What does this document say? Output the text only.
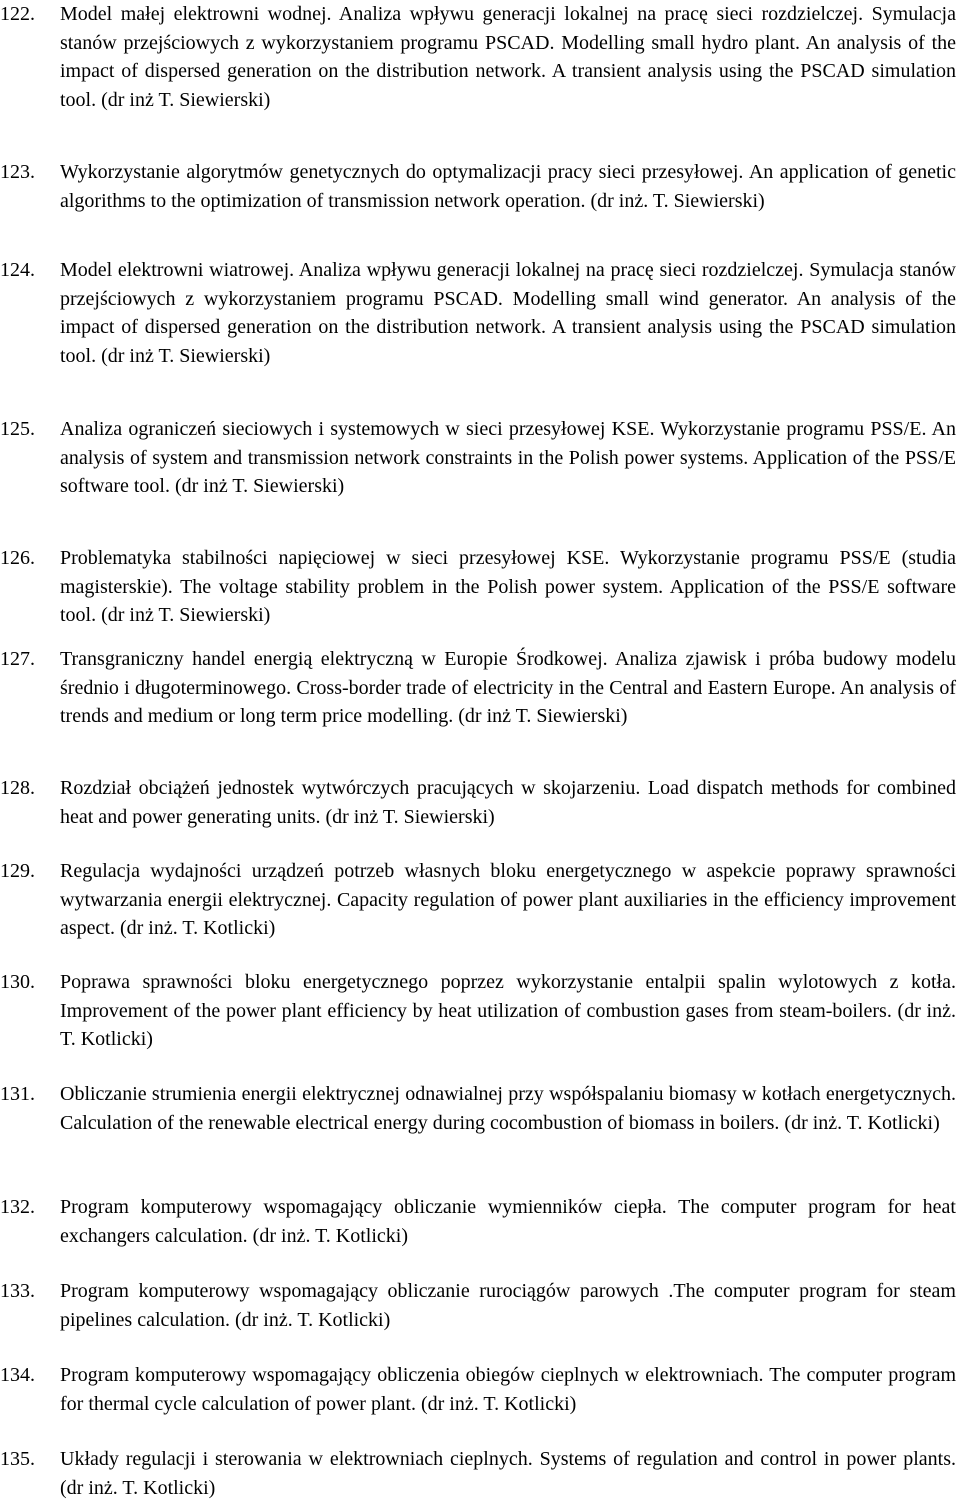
122.	Model małej elektrowni wodnej. Analiza wpływu generacji lokalnej na pracę sieci rozdzielczej. Symulacja stanów przejściowych z wykorzystaniem programu PSCAD. Modelling small hydro plant. An analysis of the impact of dispersed generation on the distribution network. A transient analysis using the PSCAD simulation tool. (dr inż T. Siewierski)
123.	Wykorzystanie algorytmów genetycznych do optymalizacji pracy sieci przesyłowej. An application of genetic algorithms to the optimization of transmission network operation. (dr inż. T. Siewierski)
124.	Model elektrowni wiatrowej. Analiza wpływu generacji lokalnej na pracę sieci rozdzielczej. Symulacja stanów przejściowych z wykorzystaniem programu PSCAD. Modelling small wind generator. An analysis of the impact of dispersed generation on the distribution network. A transient analysis using the PSCAD simulation tool. (dr inż T. Siewierski)
125.	Analiza ograniczeń sieciowych i systemowych w sieci przesyłowej KSE. Wykorzystanie programu PSS/E. An analysis of system and transmission network constraints in the Polish power systems. Application of the PSS/E software tool. (dr inż T. Siewierski)
126.	Problematyka stabilności napięciowej w sieci przesyłowej KSE. Wykorzystanie programu PSS/E (studia magisterskie). The voltage stability problem in the Polish power system. Application of the PSS/E software tool. (dr inż T. Siewierski)
127.	Transgraniczny handel energią elektryczną w Europie Środkowej. Analiza zjawisk i próba budowy modelu średnio i długoterminowego. Cross-border trade of electricity in the Central and Eastern Europe. An analysis of trends and medium or long term price modelling. (dr inż T. Siewierski)
128.	Rozdział obciążeń jednostek wytwórczych pracujących w skojarzeniu. Load dispatch methods for combined heat and power generating units. (dr inż T. Siewierski)
129.	Regulacja wydajności urządzeń potrzeb własnych bloku energetycznego w aspekcie poprawy sprawności wytwarzania energii elektrycznej. Capacity regulation of power plant auxiliaries in the efficiency improvement aspect. (dr inż. T. Kotlicki)
130.	Poprawa sprawności bloku energetycznego poprzez wykorzystanie entalpii spalin wylotowych z kotła. Improvement of the power plant efficiency by heat utilization of combustion gases from steam-boilers. (dr inż. T. Kotlicki)
131.	Obliczanie strumienia energii elektrycznej odnawialnej przy współspalaniu biomasy w kotłach energetycznych. Calculation of the renewable electrical energy during cocombustion of biomass in boilers. (dr inż. T. Kotlicki)
132.	Program komputerowy wspomagający obliczanie wymienników ciepła. The computer program for heat exchangers calculation. (dr inż. T. Kotlicki)
133.	Program komputerowy wspomagający obliczanie rurociągów parowych .The computer program for steam pipelines calculation. (dr inż. T. Kotlicki)
134.	Program komputerowy wspomagający obliczenia obiegów cieplnych w elektrowniach. The computer program for thermal cycle calculation of power plant. (dr inż. T. Kotlicki)
135.	Układy regulacji i sterowania w elektrowniach cieplnych. Systems of regulation and control in power plants. (dr inż. T. Kotlicki)
